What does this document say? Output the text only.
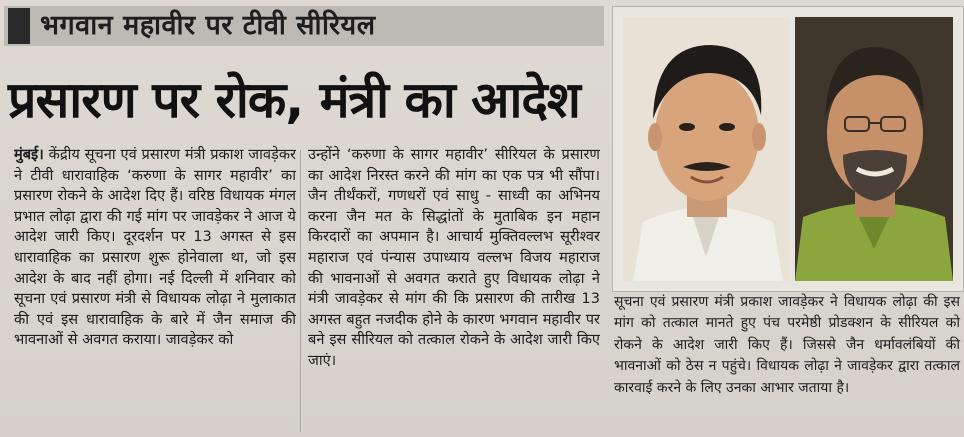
भगवान महावीर पर टीवी सीरियल
प्रसारण पर रोक, मंत्री का आदेश
मुंबई। केंद्रीय सूचना एवं प्रसारण मंत्री प्रकाश जावड़ेकर ने टीवी धारावाहिक ‘करुणा के सागर महावीर’ का प्रसारण रोकने के आदेश दिए हैं। वरिष्ठ विधायक मंगल प्रभात लोढ़ा द्वारा की गई मांग पर जावड़ेकर ने आज ये आदेश जारी किए। दूरदर्शन पर 13 अगस्त से इस धारावाहिक का प्रसारण शुरू होनेवाला था, जो इस आदेश के बाद नहीं होगा। नई दिल्ली में शनिवार को सूचना एवं प्रसारण मंत्री से विधायक लोढ़ा ने मुलाकात की एवं इस धारावाहिक के बारे में जैन समाज की भावनाओं से अवगत कराया। जावड़ेकर को
उन्होंने ‘करुणा के सागर महावीर’ सीरियल के प्रसारण का आदेश निरस्त करने की मांग का एक पत्र भी सौंपा। जैन तीर्थंकरों, गणधरों एवं साधु - साध्वी का अभिनय करना जैन मत के सिद्धांतों के मुताबिक इन महान किरदारों का अपमान है। आचार्य मुक्तिवल्लभ सूरीश्वर महाराज एवं पंन्यास उपाध्याय वल्लभ विजय महाराज की भावनाओं से अवगत कराते हुए विधायक लोढ़ा ने मंत्री जावड़ेकर से मांग की कि प्रसारण की तारीख 13 अगस्त बहुत नजदीक होने के कारण भगवान महावीर पर बने इस सीरियल को तत्काल रोकने के आदेश जारी किए जाएं।
सूचना एवं प्रसारण मंत्री प्रकाश जावड़ेकर ने विधायक लोढ़ा की इस मांग को तत्काल मानते हुए पंच परमेष्ठी प्रोडक्शन के सीरियल को रोकने के आदेश जारी किए हैं। जिससे जैन धर्मावलंबियों की भावनाओं को ठेस न पहुंचे। विधायक लोढ़ा ने जावड़ेकर द्वारा तत्काल कारवाई करने के लिए उनका आभार जताया है।
